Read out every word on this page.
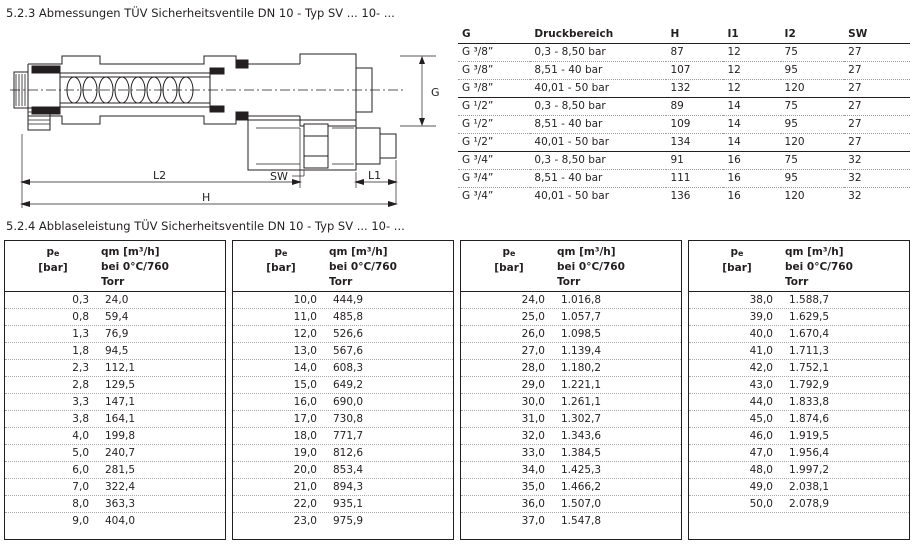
5.2.3 Abmessungen TÜV Sicherheitsventile DN 10 - Typ SV ... 10- ...
G
L2	L1
H
SW
G	Druckbereich	H	I1	I2	SW
G ³/8”	0,3 - 8,50 bar	87	12	75	27
G ³/8”	8,51 - 40 bar	107	12	95	27
G ³/8”	40,01 - 50 bar	132	12	120	27
G ¹/2”	0,3 - 8,50 bar	89	14	75	27
G ¹/2”	8,51 - 40 bar	109	14	95	27
G ¹/2”	40,01 - 50 bar	134	14	120	27
G ³/4”	0,3 - 8,50 bar	91	16	75	32
G ³/4”	8,51 - 40 bar	111	16	95	32
G ³/4”	40,01 - 50 bar	136	16	120	32
5.2.4 Abblaseleistung TÜV Sicherheitsventile DN 10 - Typ SV ... 10- ...
pe
[bar]
qm [m³/h]
bei 0°C/760
Torr
0,3 24,0
0,8 59,4
1,3 76,9
1,8 94,5
2,3 112,1
2,8 129,5
3,3 147,1
3,8 164,1
4,0 199,8
5,0 240,7
6,0 281,5
7,0 322,4
8,0 363,3
9,0 404,0
pe
[bar]
qm [m³/h]
bei 0°C/760
Torr
10,0 444,9
11,0 485,8
12,0 526,6
13,0 567,6
14,0 608,3
15,0 649,2
16,0 690,0
17,0 730,8
18,0 771,7
19,0 812,6
20,0 853,4
21,0 894,3
22,0 935,1
23,0 975,9
pe
[bar]
qm [m³/h]
bei 0°C/760
Torr
24,0 1.016,8
25,0 1.057,7
26,0 1.098,5
27,0 1.139,4
28,0 1.180,2
29,0 1.221,1
30,0 1.261,1
31,0 1.302,7
32,0 1.343,6
33,0 1.384,5
34,0 1.425,3
35,0 1.466,2
36,0 1.507,0
37,0 1.547,8
pe
[bar]
qm [m³/h]
bei 0°C/760
Torr
38,0 1.588,7
39,0 1.629,5
40,0 1.670,4
41,0 1.711,3
42,0 1.752,1
43,0 1.792,9
44,0 1.833,8
45,0 1.874,6
46,0 1.919,5
47,0 1.956,4
48,0 1.997,2
49,0 2.038,1
50,0 2.078,9
